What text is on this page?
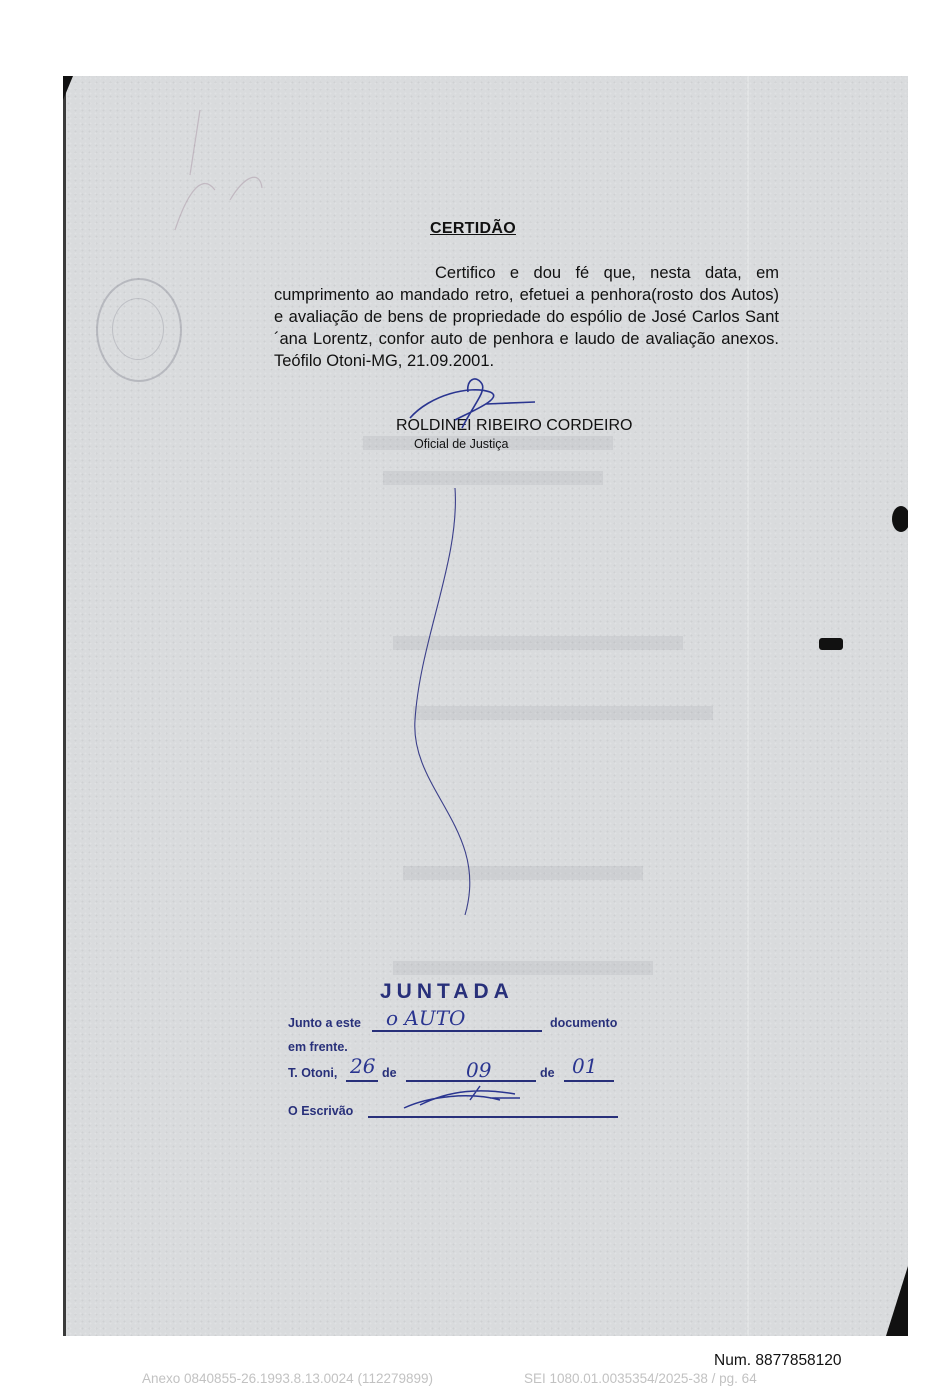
CERTIDÃO
Certifico e dou fé que, nesta data, em cumprimento ao mandado retro, efetuei a penhora(rosto dos Autos) e avaliação de bens de propriedade do espólio de José Carlos Sant ´ana Lorentz, confor auto de penhora e laudo de avaliação anexos. Teófilo Otoni-MG, 21.09.2001.
ROLDINEI RIBEIRO CORDEIRO
Oficial de Justiça
JUNTADA
Junto a este o AUTO	documento
em frente.
T. Otoni, 26 de	09	de 01
O Escrivão
Num. 8877858120
Anexo 0840855-26.1993.8.13.0024 (112279899)	SEI 1080.01.0035354/2025-38 / pg. 64
